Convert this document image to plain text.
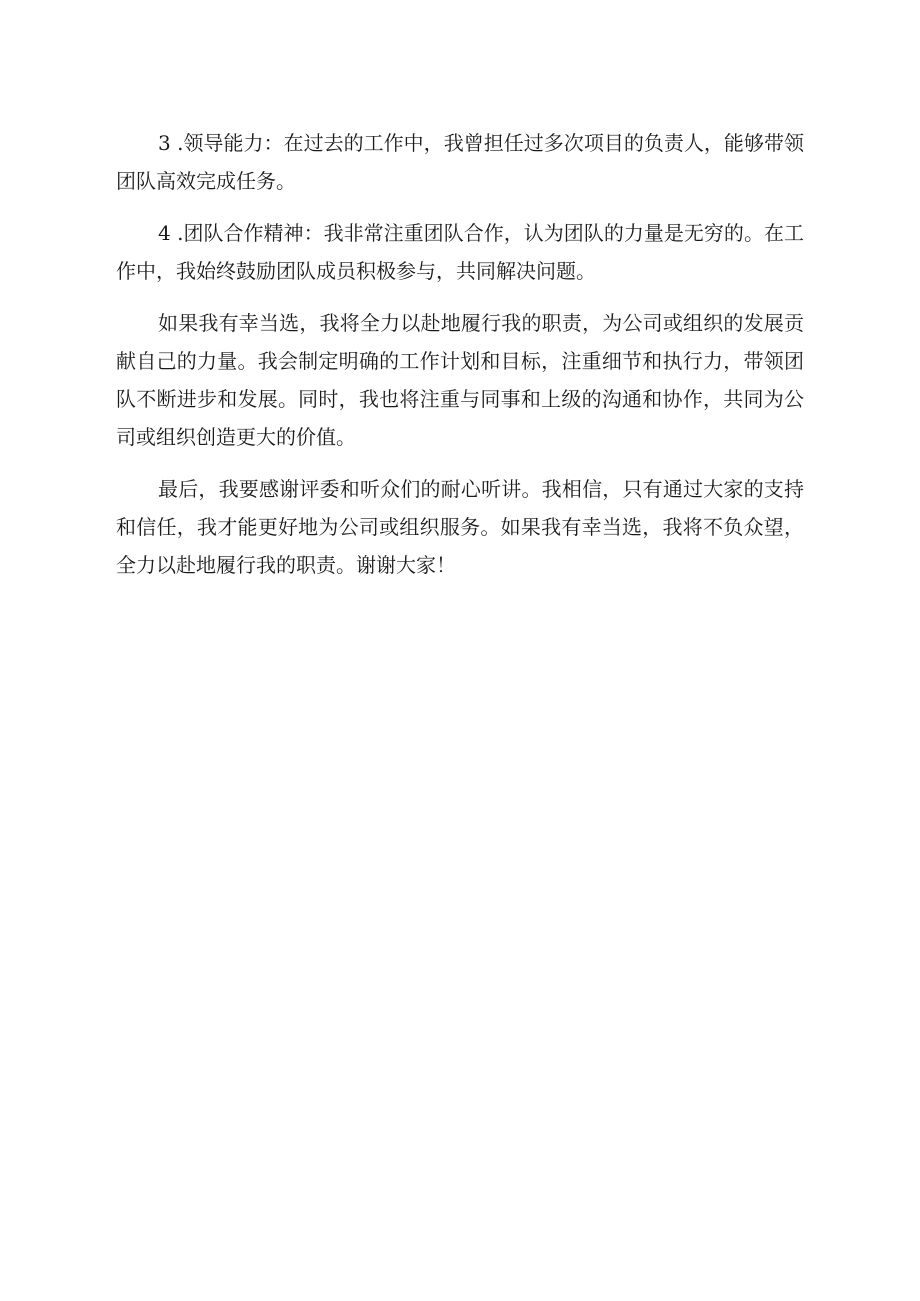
3 .领导能力：在过去的工作中，我曾担任过多次项目的负责人，能够带领团队高效完成任务。

4 .团队合作精神：我非常注重团队合作，认为团队的力量是无穷的。在工作中，我始终鼓励团队成员积极参与，共同解决问题。

如果我有幸当选，我将全力以赴地履行我的职责，为公司或组织的发展贡献自己的力量。我会制定明确的工作计划和目标，注重细节和执行力，带领团队不断进步和发展。同时，我也将注重与同事和上级的沟通和协作，共同为公司或组织创造更大的价值。

最后，我要感谢评委和听众们的耐心听讲。我相信，只有通过大家的支持和信任，我才能更好地为公司或组织服务。如果我有幸当选，我将不负众望，全力以赴地履行我的职责。谢谢大家！
